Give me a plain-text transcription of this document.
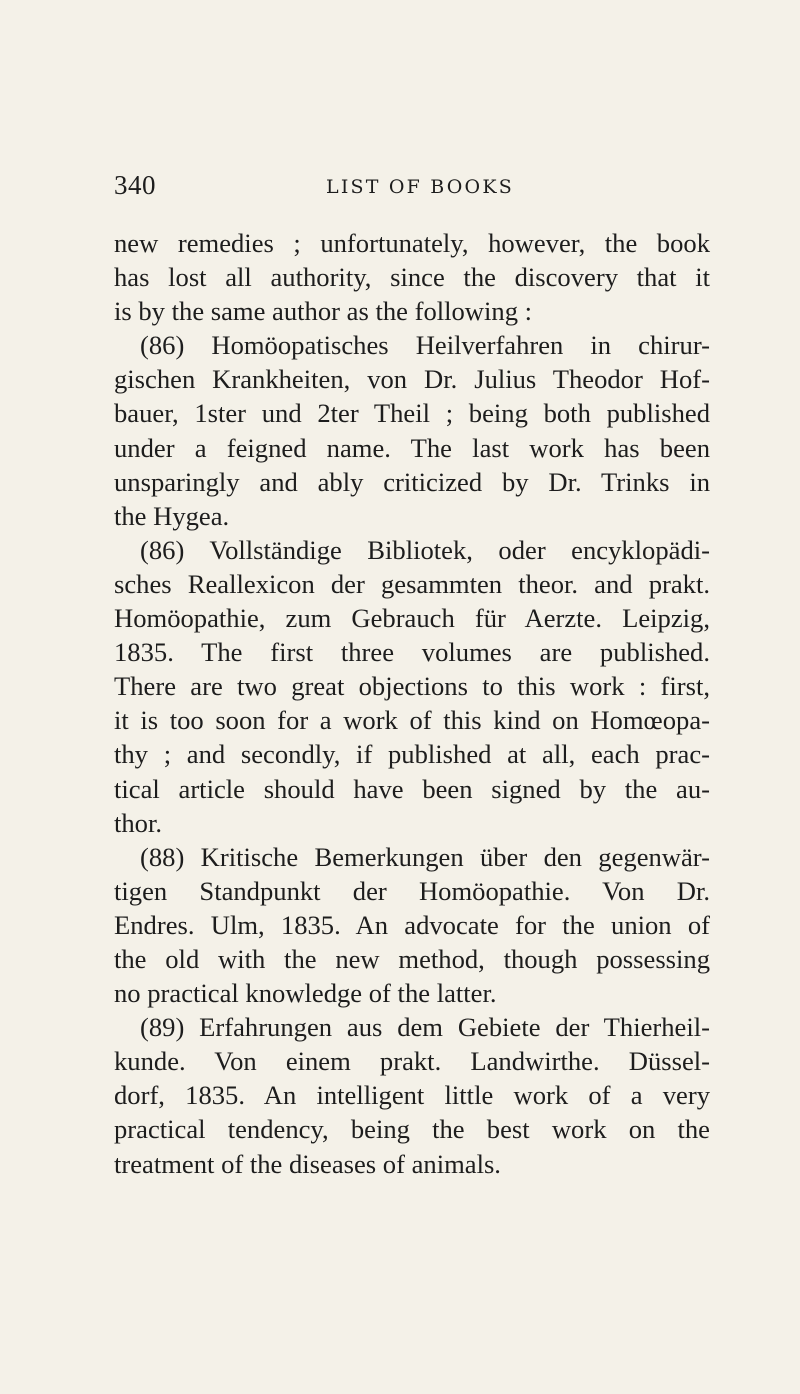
340	LIST OF BOOKS
new remedies ; unfortunately, however, the book
has lost all authority, since the discovery that it
is by the same author as the following :
(86) Homöopatisches Heilverfahren in chirur-
gischen Krankheiten, von Dr. Julius Theodor Hof-
bauer, 1ster und 2ter Theil ; being both published
under a feigned name. The last work has been
unsparingly and ably criticized by Dr. Trinks in
the Hygea.
(86) Vollständige Bibliotek, oder encyklopädi-
sches Reallexicon der gesammten theor. and prakt.
Homöopathie, zum Gebrauch für Aerzte. Leipzig,
1835. The first three volumes are published.
There are two great objections to this work : first,
it is too soon for a work of this kind on Homœopa-
thy ; and secondly, if published at all, each prac-
tical article should have been signed by the au-
thor.
(88) Kritische Bemerkungen über den gegenwär-
tigen Standpunkt der Homöopathie. Von Dr.
Endres. Ulm, 1835. An advocate for the union of
the old with the new method, though possessing
no practical knowledge of the latter.
(89) Erfahrungen aus dem Gebiete der Thierheil-
kunde. Von einem prakt. Landwirthe. Düssel-
dorf, 1835. An intelligent little work of a very
practical tendency, being the best work on the
treatment of the diseases of animals.
